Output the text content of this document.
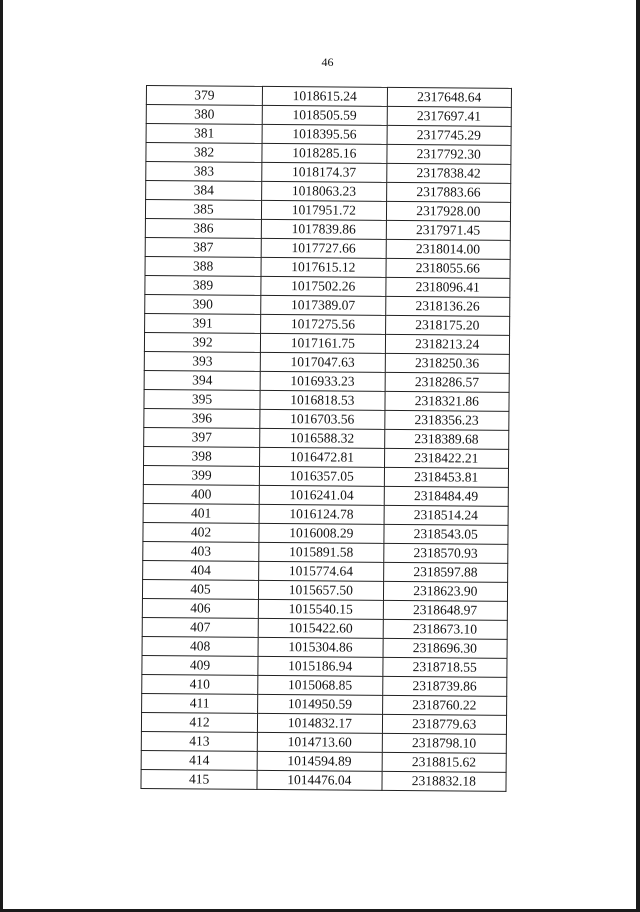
46
379	1018615.24	2317648.64
380	1018505.59	2317697.41
381	1018395.56	2317745.29
382	1018285.16	2317792.30
383	1018174.37	2317838.42
384	1018063.23	2317883.66
385	1017951.72	2317928.00
386	1017839.86	2317971.45
387	1017727.66	2318014.00
388	1017615.12	2318055.66
389	1017502.26	2318096.41
390	1017389.07	2318136.26
391	1017275.56	2318175.20
392	1017161.75	2318213.24
393	1017047.63	2318250.36
394	1016933.23	2318286.57
395	1016818.53	2318321.86
396	1016703.56	2318356.23
397	1016588.32	2318389.68
398	1016472.81	2318422.21
399	1016357.05	2318453.81
400	1016241.04	2318484.49
401	1016124.78	2318514.24
402	1016008.29	2318543.05
403	1015891.58	2318570.93
404	1015774.64	2318597.88
405	1015657.50	2318623.90
406	1015540.15	2318648.97
407	1015422.60	2318673.10
408	1015304.86	2318696.30
409	1015186.94	2318718.55
410	1015068.85	2318739.86
411	1014950.59	2318760.22
412	1014832.17	2318779.63
413	1014713.60	2318798.10
414	1014594.89	2318815.62
415	1014476.04	2318832.18
